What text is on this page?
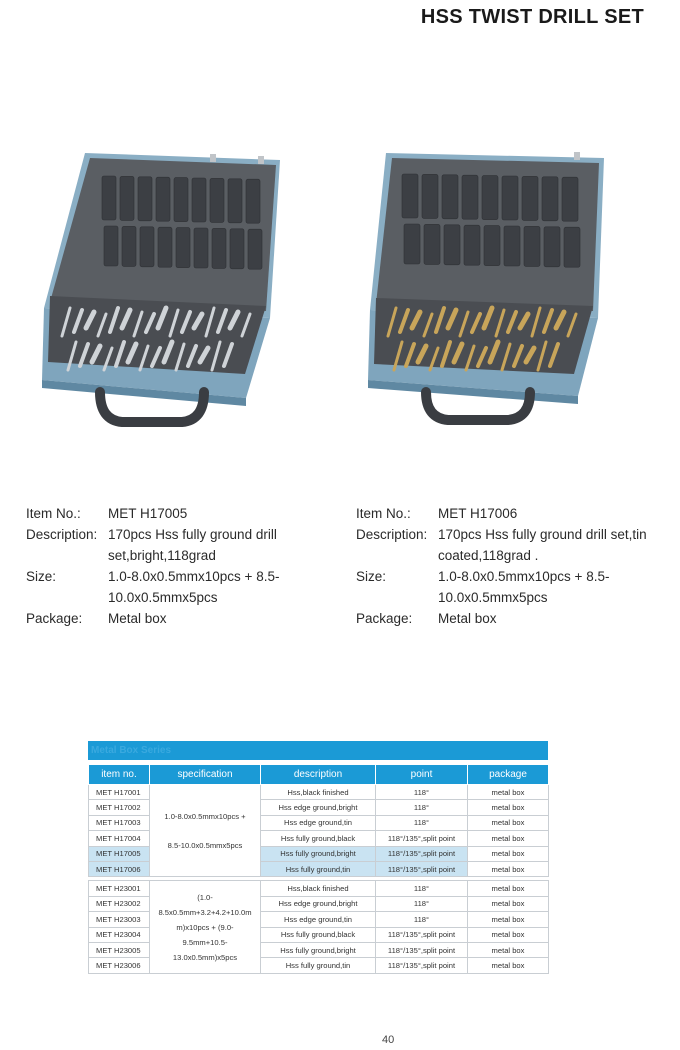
HSS TWIST DRILL SET
Item No.:	MET H17005
Description: 170pcs Hss fully ground drill
set,bright,118grad
Size:	1.0-8.0x0.5mmx10pcs + 8.5-
10.0x0.5mmx5pcs
Package:	Metal box
Item No.:	MET H17006
Description: 170pcs Hss fully ground drill set,tin
coated,118grad .
Size:	1.0-8.0x0.5mmx10pcs + 8.5-
10.0x0.5mmx5pcs
Package:	Metal box
Metal Box Series
item no.	specification	description	point	package
MET H17001	1.0-8.0x0.5mmx10pcs +
8.5-10.0x0.5mmx5pcs	Hss,black finished	118°	metal box
MET H17002		Hss edge ground,bright	118°	metal box
MET H17003		Hss edge ground,tin	118°	metal box
MET H17004		Hss fully ground,black	118°/135°,split point	metal box
MET H17005		Hss fully ground,bright	118°/135°,split point	metal box
MET H17006		Hss fully ground,tin	118°/135°,split point	metal box

MET H23001	(1.0-
8.5x0.5mm+3.2+4.2+10.0m
m)x10pcs + (9.0-
9.5mm+10.5-
13.0x0.5mm)x5pcs	Hss,black finished	118°	metal box
MET H23002		Hss edge ground,bright	118°	metal box
MET H23003		Hss edge ground,tin	118°	metal box
MET H23004		Hss fully ground,black	118°/135°,split point	metal box
MET H23005		Hss fully ground,bright	118°/135°,split point	metal box
MET H23006		Hss fully ground,tin	118°/135°,split point	metal box
40
